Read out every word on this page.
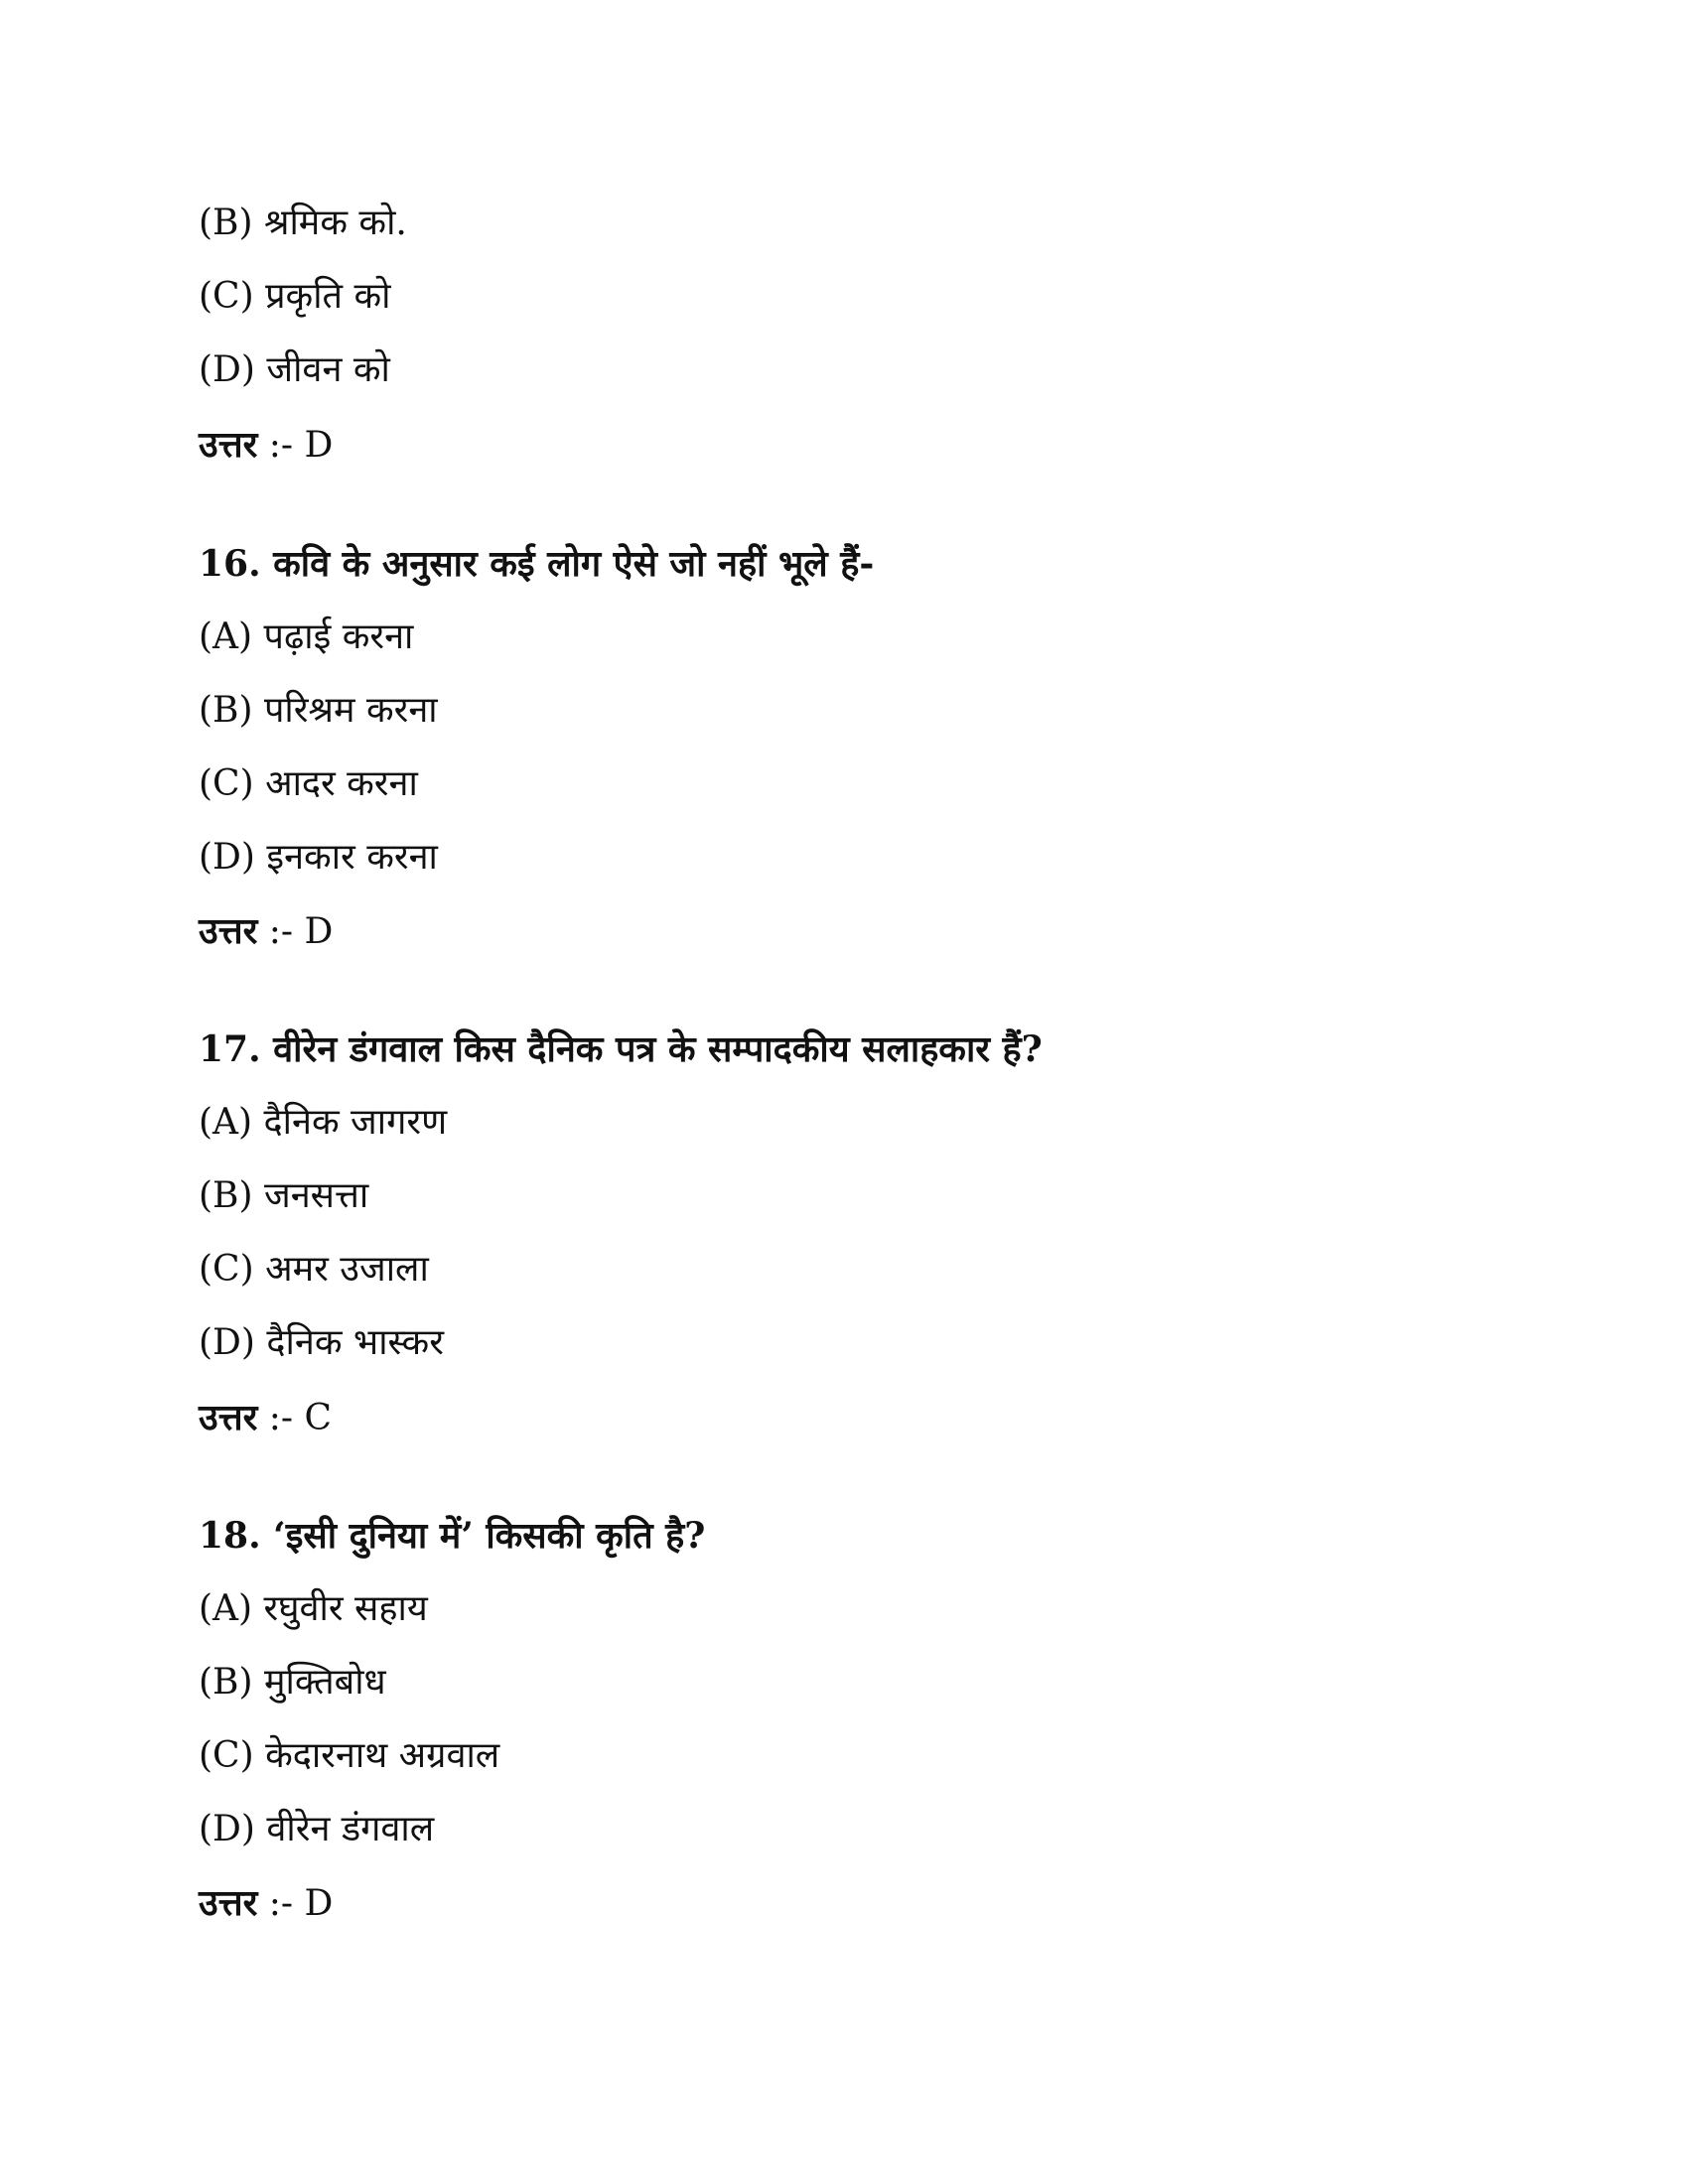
(B) श्रमिक को.
(C) प्रकृति को
(D) जीवन को
उत्तर :- D
16. कवि के अनुसार कई लोग ऐसे जो नहीं भूले हैं-
(A) पढ़ाई करना
(B) परिश्रम करना
(C) आदर करना
(D) इनकार करना
उत्तर :- D
17. वीरेन डंगवाल किस दैनिक पत्र के सम्पादकीय सलाहकार हैं?
(A) दैनिक जागरण
(B) जनसत्ता
(C) अमर उजाला
(D) दैनिक भास्कर
उत्तर :- C
18. ‘इसी दुनिया में’ किसकी कृति है?
(A) रघुवीर सहाय
(B) मुक्तिबोध
(C) केदारनाथ अग्रवाल
(D) वीरेन डंगवाल
उत्तर :- D
